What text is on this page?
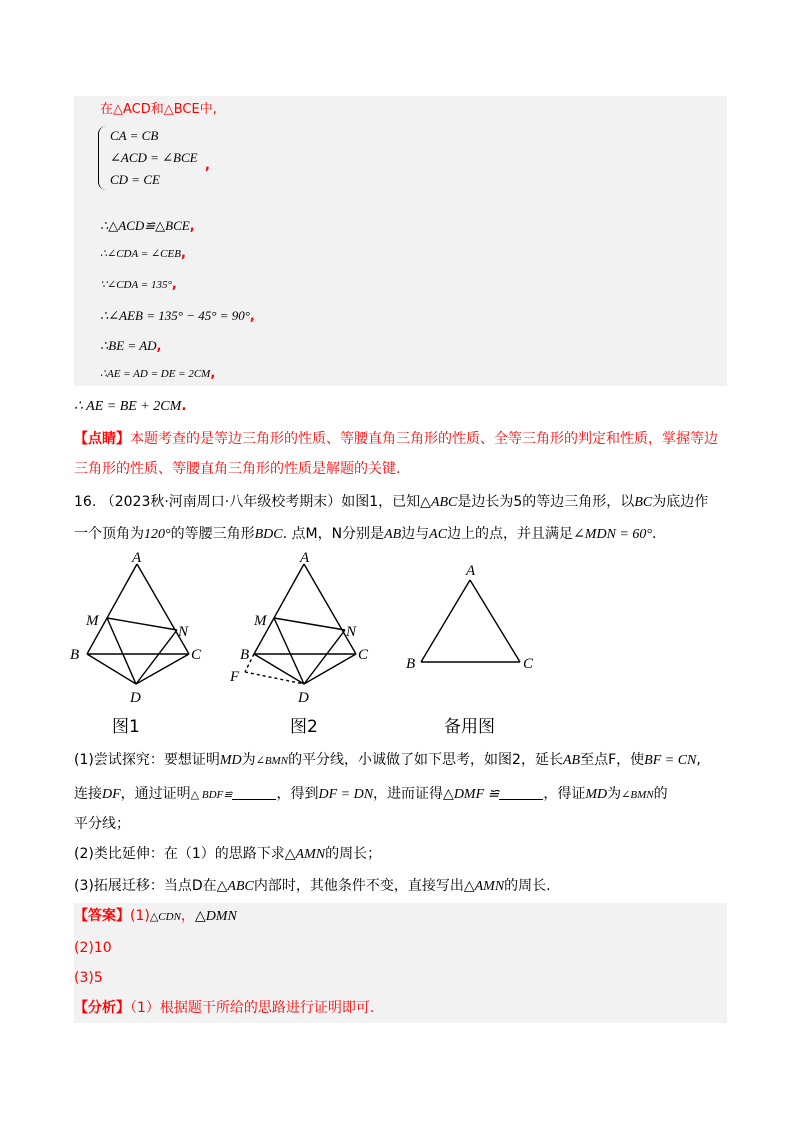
在△ACD和△BCE中,
CA = CB
∠ACD = ∠BCE
CD = CE
,
∴△ACD≌△BCE,
∴∠CDA = ∠CEB,
∵∠CDA = 135°,
∴∠AEB = 135° − 45° = 90°,
∴BE = AD,
∴AE = AD = DE = 2CM,
∴ AE = BE + 2CM.
【点睛】本题考查的是等边三角形的性质、等腰直角三角形的性质、全等三角形的判定和性质，掌握等边
三角形的性质、等腰直角三角形的性质是解题的关键.
16. （2023秋·河南周口·八年级校考期末）如图1，已知△ABC是边长为5的等边三角形，以BC为底边作
一个顶角为120°的等腰三角形BDC. 点M，N分别是AB边与AC边上的点，并且满足∠MDN = 60°.
A
M
N
B	C
D
图1
A
M
N
B	C
F
D
图2
A
B	C
备用图
(1)尝试探究：要想证明MD为∠BMN的平分线，小诚做了如下思考，如图2，延长AB至点F，使BF = CN,
连接DF，通过证明△ BDF≌	，得到DF = DN，进而证得△DMF ≌	，得证MD为∠BMN的
平分线；
(2)类比延伸：在（1）的思路下求△AMN的周长；
(3)拓展迁移：当点D在△ABC内部时，其他条件不变，直接写出△AMN的周长.
【答案】(1)△CDN，△DMN
(2)10
(3)5
【分析】（1）根据题干所给的思路进行证明即可.
